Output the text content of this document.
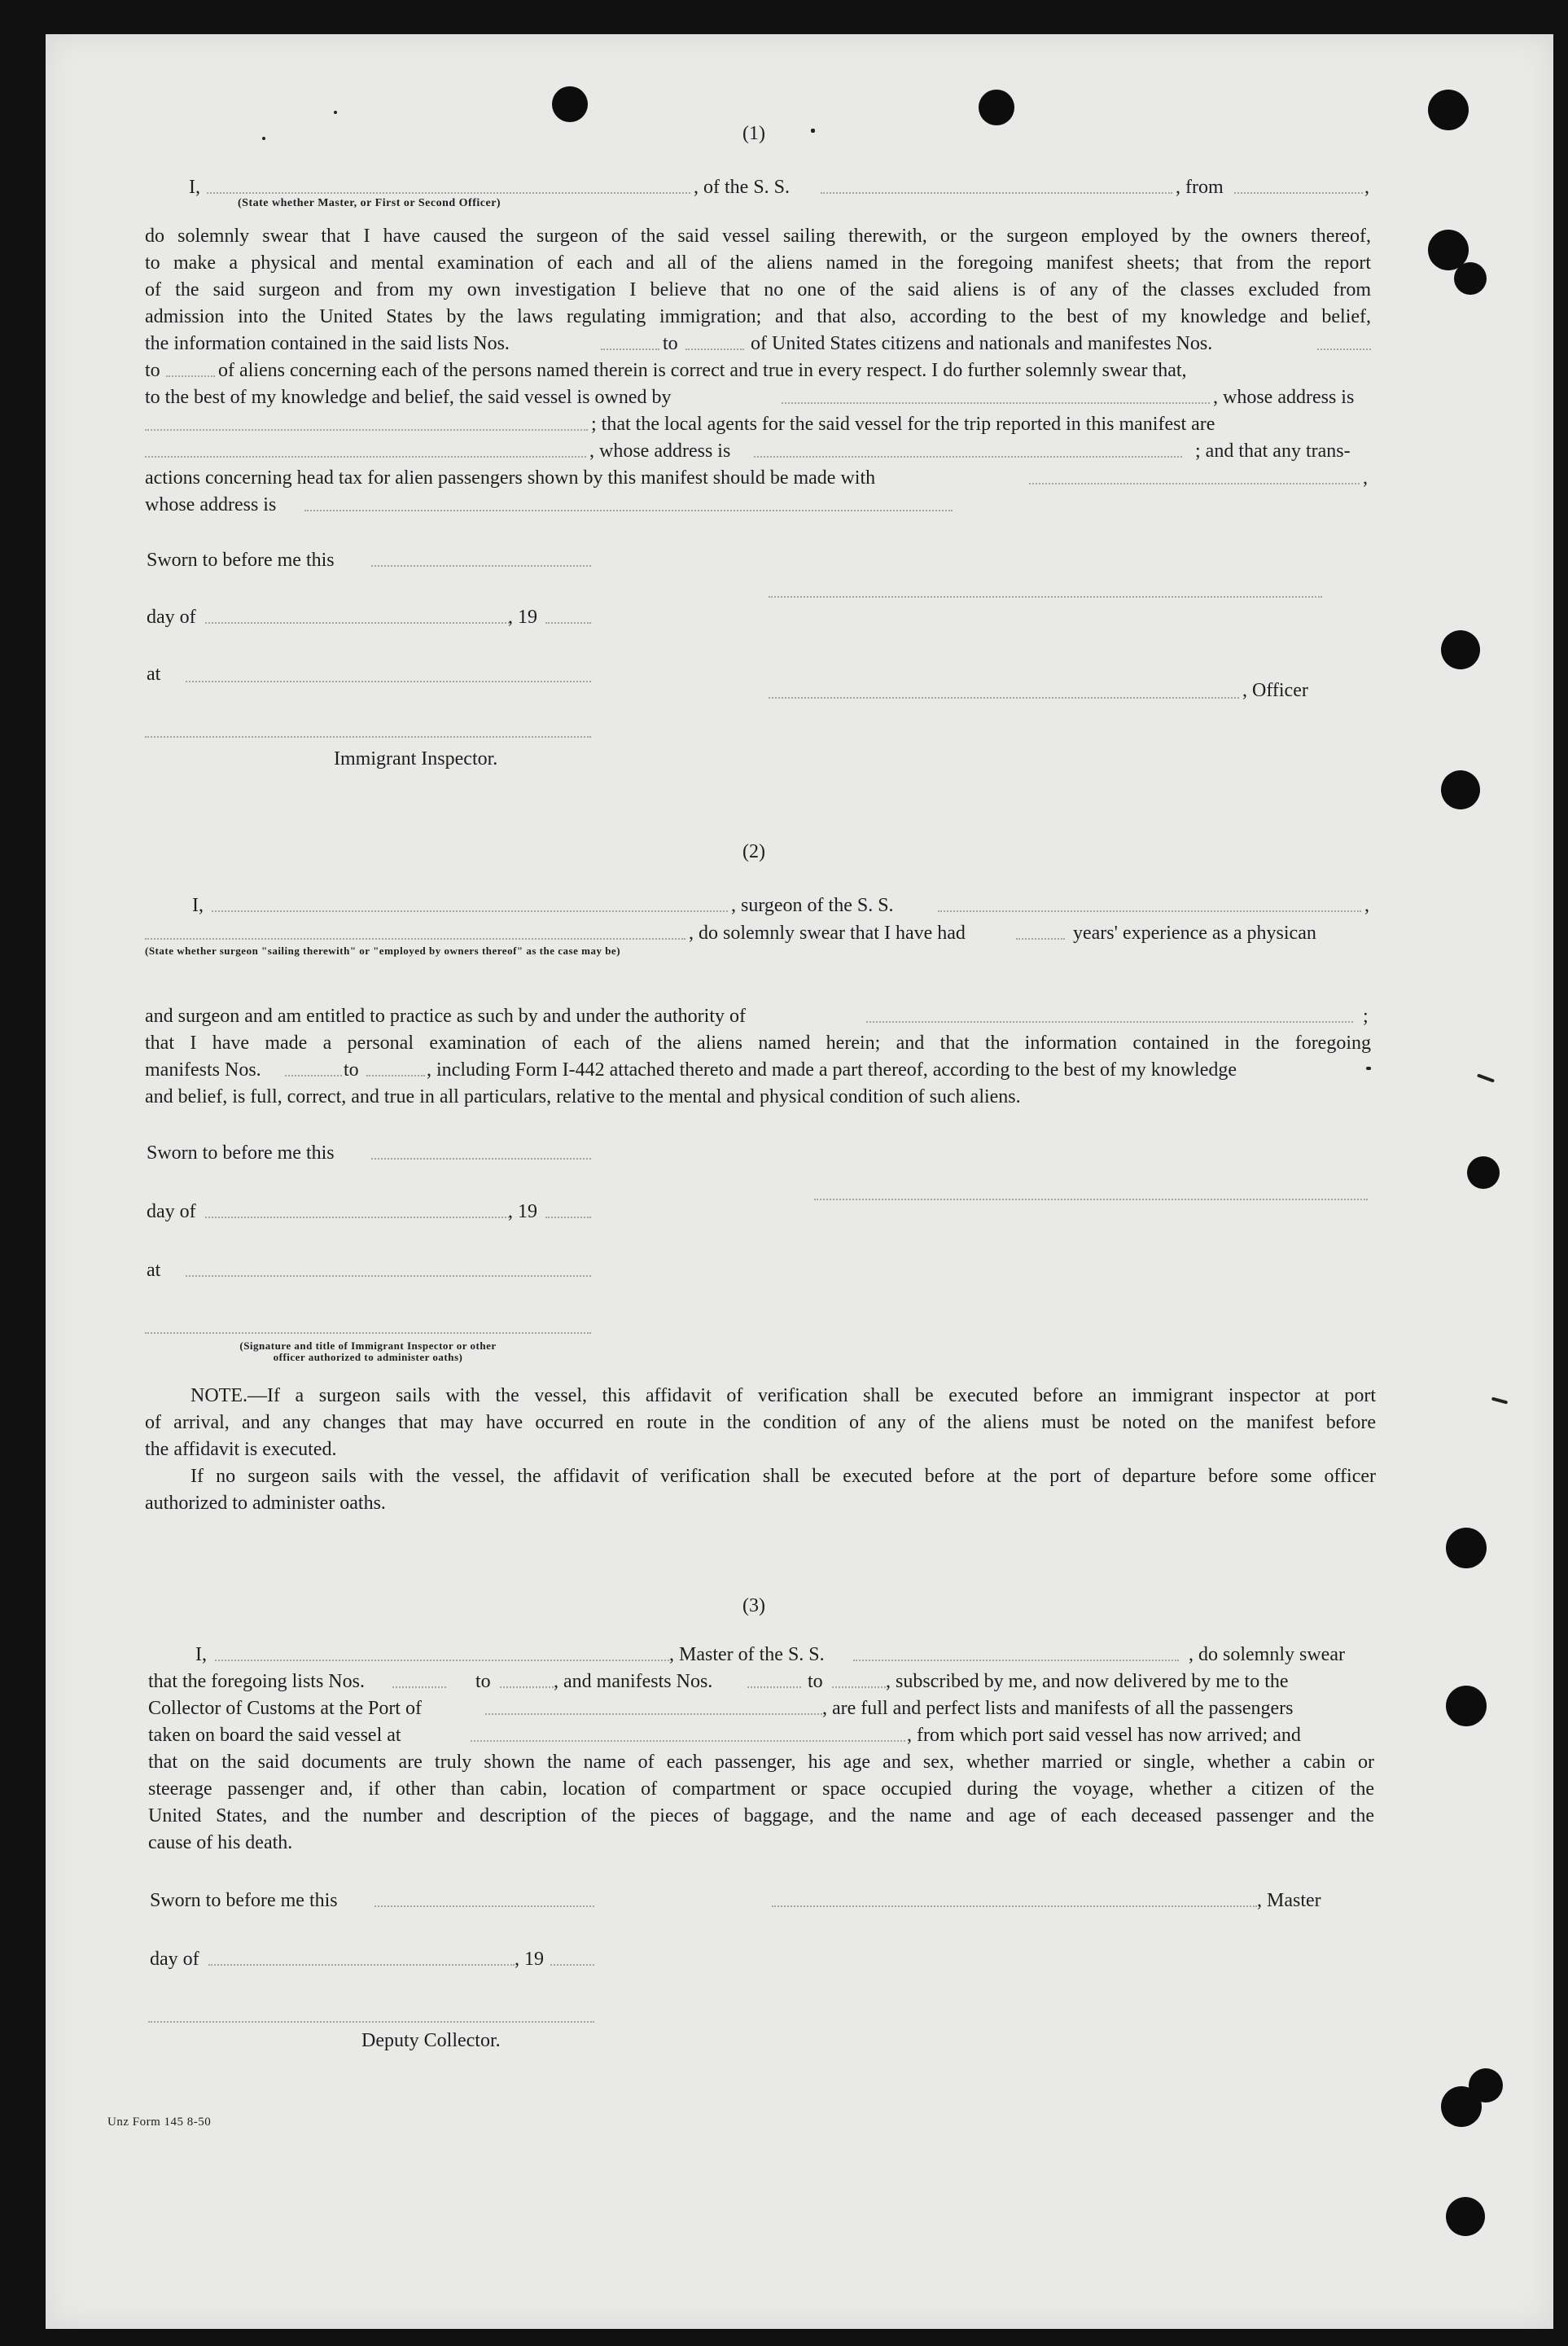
(1)
I,	, of the S. S.	, from	,
(State whether Master, or First or Second Officer)
do solemnly swear that I have caused the surgeon of the said vessel sailing therewith, or the surgeon employed by the owners thereof,
to make a physical and mental examination of each and all of the aliens named in the foregoing manifest sheets; that from the report
of the said surgeon and from my own investigation I believe that no one of the said aliens is of any of the classes excluded from
admission into the United States by the laws regulating immigration; and that also, according to the best of my knowledge and belief,
the information contained in the said lists Nos.	to	of United States citizens and nationals and manifestes Nos.
to	of aliens concerning each of the persons named therein is correct and true in every respect. I do further solemnly swear that,
to the best of my knowledge and belief, the said vessel is owned by	, whose address is
; that the local agents for the said vessel for the trip reported in this manifest are
, whose address is	; and that any trans-
actions concerning head tax for alien passengers shown by this manifest should be made with	,
whose address is
Sworn to before me this
day of	, 19
at
, Officer
Immigrant Inspector.
(2)
I,	, surgeon of the S. S.	,
, do solemnly swear that I have had	years' experience as a physican
(State whether surgeon "sailing therewith" or "employed by owners thereof" as the case may be)
and surgeon and am entitled to practice as such by and under the authority of	;
that I have made a personal examination of each of the aliens named herein; and that the information contained in the foregoing
manifests Nos.	to	, including Form I-442 attached thereto and made a part thereof, according to the best of my knowledge
and belief, is full, correct, and true in all particulars, relative to the mental and physical condition of such aliens.
Sworn to before me this
day of	, 19
at
(Signature and title of Immigrant Inspector or other
officer authorized to administer oaths)
NOTE.—If a surgeon sails with the vessel, this affidavit of verification shall be executed before an immigrant inspector at port
of arrival, and any changes that may have occurred en route in the condition of any of the aliens must be noted on the manifest before
the affidavit is executed.
If no surgeon sails with the vessel, the affidavit of verification shall be executed before at the port of departure before some officer
authorized to administer oaths.
(3)
I,	, Master of the S. S.	, do solemnly swear
that the foregoing lists Nos.	to	, and manifests Nos.	to	, subscribed by me, and now delivered by me to the
Collector of Customs at the Port of	, are full and perfect lists and manifests of all the passengers
taken on board the said vessel at	, from which port said vessel has now arrived; and
that on the said documents are truly shown the name of each passenger, his age and sex, whether married or single, whether a cabin or
steerage passenger and, if other than cabin, location of compartment or space occupied during the voyage, whether a citizen of the
United States, and the number and description of the pieces of baggage, and the name and age of each deceased passenger and the
cause of his death.
Sworn to before me this	, Master
day of	, 19
Deputy Collector.
Unz Form 145 8-50
